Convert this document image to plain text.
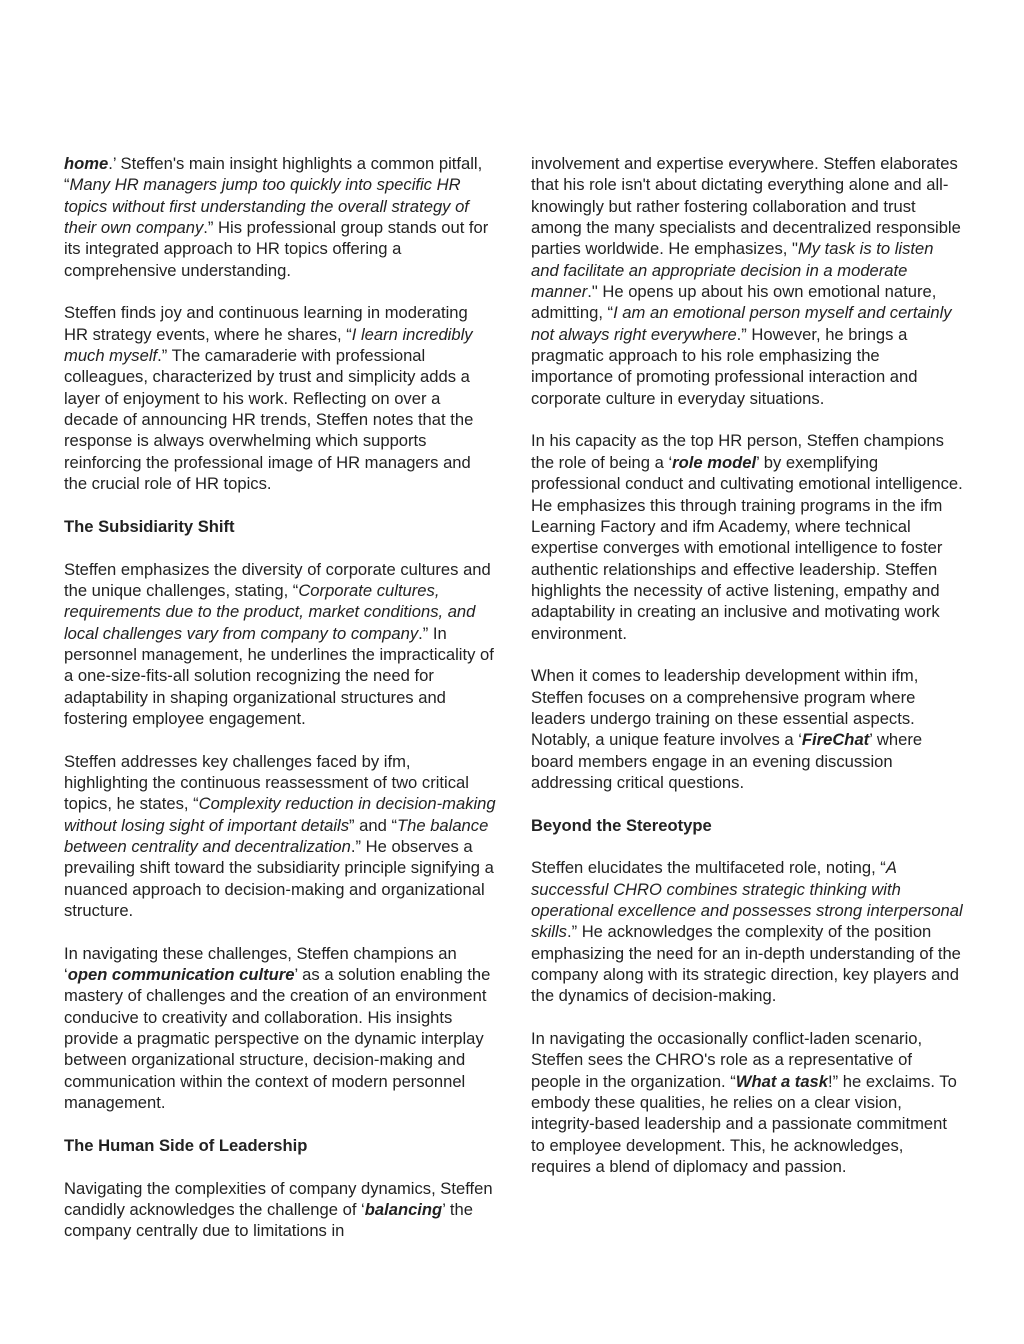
home.’ Steffen's main insight highlights a common pitfall, “Many HR managers jump too quickly into specific HR topics without first understanding the overall strategy of their own company.” His professional group stands out for its integrated approach to HR topics offering a comprehensive understanding.

Steffen finds joy and continuous learning in moderating HR strategy events, where he shares, “I learn incredibly much myself.” The camaraderie with professional colleagues, characterized by trust and simplicity adds a layer of enjoyment to his work. Reflecting on over a decade of announcing HR trends, Steffen notes that the response is always overwhelming which supports reinforcing the professional image of HR managers and the crucial role of HR topics.

The Subsidiarity Shift

Steffen emphasizes the diversity of corporate cultures and the unique challenges, stating, “Corporate cultures, requirements due to the product, market conditions, and local challenges vary from company to company.” In personnel management, he underlines the impracticality of a one-size-fits-all solution recognizing the need for adaptability in shaping organizational structures and fostering employee engagement.

Steffen addresses key challenges faced by ifm, highlighting the continuous reassessment of two critical topics, he states, “Complexity reduction in decision-making without losing sight of important details” and “The balance between centrality and decentralization.” He observes a prevailing shift toward the subsidiarity principle signifying a nuanced approach to decision-making and organizational structure.

In navigating these challenges, Steffen champions an ‘open communication culture’ as a solution enabling the mastery of challenges and the creation of an environment conducive to creativity and collaboration. His insights provide a pragmatic perspective on the dynamic interplay between organizational structure, decision-making and communication within the context of modern personnel management.

The Human Side of Leadership

Navigating the complexities of company dynamics, Steffen candidly acknowledges the challenge of ‘balancing’ the company centrally due to limitations in

involvement and expertise everywhere. Steffen elaborates that his role isn't about dictating everything alone and all-knowingly but rather fostering collaboration and trust among the many specialists and decentralized responsible parties worldwide. He emphasizes, "My task is to listen and facilitate an appropriate decision in a moderate manner." He opens up about his own emotional nature, admitting, “I am an emotional person myself and certainly not always right everywhere.” However, he brings a pragmatic approach to his role emphasizing the importance of promoting professional interaction and corporate culture in everyday situations.

In his capacity as the top HR person, Steffen champions the role of being a ‘role model’ by exemplifying professional conduct and cultivating emotional intelligence. He emphasizes this through training programs in the ifm Learning Factory and ifm Academy, where technical expertise converges with emotional intelligence to foster authentic relationships and effective leadership. Steffen highlights the necessity of active listening, empathy and adaptability in creating an inclusive and motivating work environment.

When it comes to leadership development within ifm, Steffen focuses on a comprehensive program where leaders undergo training on these essential aspects. Notably, a unique feature involves a ‘FireChat’ where board members engage in an evening discussion addressing critical questions.

Beyond the Stereotype

Steffen elucidates the multifaceted role, noting, “A successful CHRO combines strategic thinking with operational excellence and possesses strong interpersonal skills.” He acknowledges the complexity of the position emphasizing the need for an in-depth understanding of the company along with its strategic direction, key players and the dynamics of decision-making.

In navigating the occasionally conflict-laden scenario, Steffen sees the CHRO's role as a representative of people in the organization. “What a task!” he exclaims. To embody these qualities, he relies on a clear vision, integrity-based leadership and a passionate commitment to employee development. This, he acknowledges, requires a blend of diplomacy and passion.
